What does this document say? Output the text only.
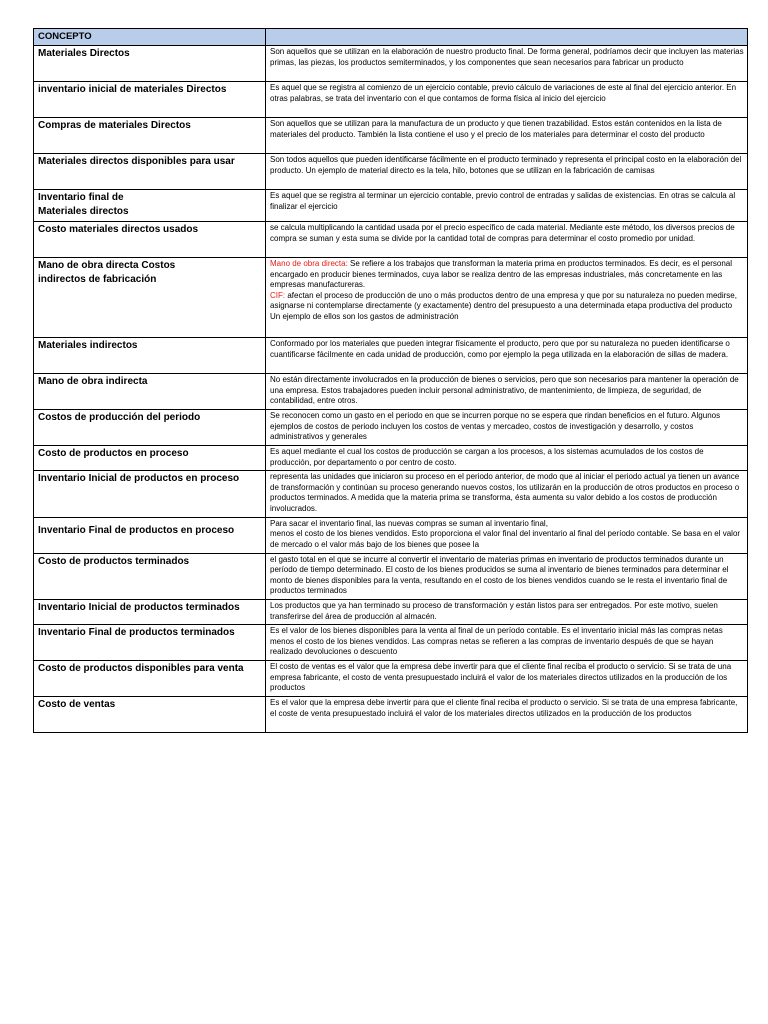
CONCEPTO	
Materiales Directos	Son aquellos que se utilizan en la elaboración de nuestro producto final. De forma general, podríamos decir que incluyen las materias primas, las piezas, los productos semiterminados, y los componentes que sean necesarios para fabricar un producto
inventario inicial de materiales Directos	Es aquel que se registra al comienzo de un ejercicio contable, previo cálculo de variaciones de este al final del ejercicio anterior. En otras palabras, se trata del inventario con el que contamos de forma física al inicio del ejercicio
Compras de materiales Directos	Son aquellos que se utilizan para la manufactura de un producto y que tienen trazabilidad. Estos están contenidos en la lista de materiales del producto. También la lista contiene el uso y el precio de los materiales para determinar el costo del producto
Materiales directos disponibles para usar	Son todos aquellos que pueden identificarse fácilmente en el producto terminado y representa el principal costo en la elaboración del producto. Un ejemplo de material directo es la tela, hilo, botones que se utilizan en la fabricación de camisas
Inventario final de
Materiales directos	Es aquel que se registra al terminar un ejercicio contable, previo control de entradas y salidas de existencias. En otras se calcula al finalizar el ejercicio
Costo materiales directos usados	se calcula multiplicando la cantidad usada por el precio específico de cada material. Mediante este método, los diversos precios de compra se suman y esta suma se divide por la cantidad total de compras para determinar el costo promedio por unidad.
Mano de obra directa Costos
indirectos de fabricación	Mano de obra directa: Se refiere a los trabajos que transforman la materia prima en productos terminados. Es decir, es el personal encargado en producir bienes terminados, cuya labor se realiza dentro de las empresas industriales, más concretamente en las empresas manufactureras.
CIF: afectan el proceso de producción de uno o más productos dentro de una empresa y que por su naturaleza no pueden medirse, asignarse ni contemplarse directamente (y exactamente) dentro del presupuesto a una determinada etapa productiva del producto
Un ejemplo de ellos son los gastos de administración
Materiales indirectos	Conformado por los materiales que pueden integrar físicamente el producto, pero que por su naturaleza no pueden identificarse o cuantificarse fácilmente en cada unidad de producción, como por ejemplo la pega utilizada en la elaboración de sillas de madera.
Mano de obra indirecta	No están directamente involucrados en la producción de bienes o servicios, pero que son necesarios para mantener la operación de una empresa. Estos trabajadores pueden incluir personal administrativo, de mantenimiento, de limpieza, de seguridad, de contabilidad, entre otros.
Costos de producción del periodo	Se reconocen como un gasto en el periodo en que se incurren porque no se espera que rindan beneficios en el futuro. Algunos ejemplos de costos de periodo incluyen los costos de ventas y mercadeo, costos de investigación y desarrollo, y costos administrativos y generales
Costo de productos en proceso	Es aquel mediante el cual los costos de producción se cargan a los procesos, a los sistemas acumulados de los costos de producción, por departamento o por centro de costo.
Inventario Inicial de productos en proceso	representa las unidades que iniciaron su proceso en el periodo anterior, de modo que al iniciar el periodo actual ya tienen un avance de transformación y continúan su proceso generando nuevos costos, los utilizarán en la producción de otros productos en proceso o productos terminados. A medida que la materia prima se transforma, ésta aumenta su valor debido a los costos de producción involucrados.
Inventario Final de productos en proceso	Para sacar el inventario final, las nuevas compras se suman al inventario final,
menos el costo de los bienes vendidos. Esto proporciona el valor final del inventario al final del período contable. Se basa en el valor de mercado o el valor más bajo de los bienes que posee la
Costo de productos terminados	el gasto total en el que se incurre al convertir el inventario de materias primas en inventario de productos terminados durante un período de tiempo determinado. El costo de los bienes producidos se suma al inventario de bienes terminados para determinar el monto de bienes disponibles para la venta, resultando en el costo de los bienes vendidos cuando se le resta el inventario final de productos terminados
Inventario Inicial de productos terminados	Los productos que ya han terminado su proceso de transformación y están listos para ser entregados. Por este motivo, suelen transferirse del área de producción al almacén.
Inventario Final de productos terminados	Es el valor de los bienes disponibles para la venta al final de un período contable. Es el inventario inicial más las compras netas menos el costo de los bienes vendidos. Las compras netas se refieren a las compras de inventario después de que se hayan realizado devoluciones o descuento
Costo de productos disponibles para venta	El costo de ventas es el valor que la empresa debe invertir para que el cliente final reciba el producto o servicio. Si se trata de una empresa fabricante, el costo de venta presupuestado incluirá el valor de los materiales directos utilizados en la producción de los productos
Costo de ventas	Es el valor que la empresa debe invertir para que el cliente final reciba el producto o servicio. Si se trata de una empresa fabricante, el coste de venta presupuestado incluirá el valor de los materiales directos utilizados en la producción de los productos
